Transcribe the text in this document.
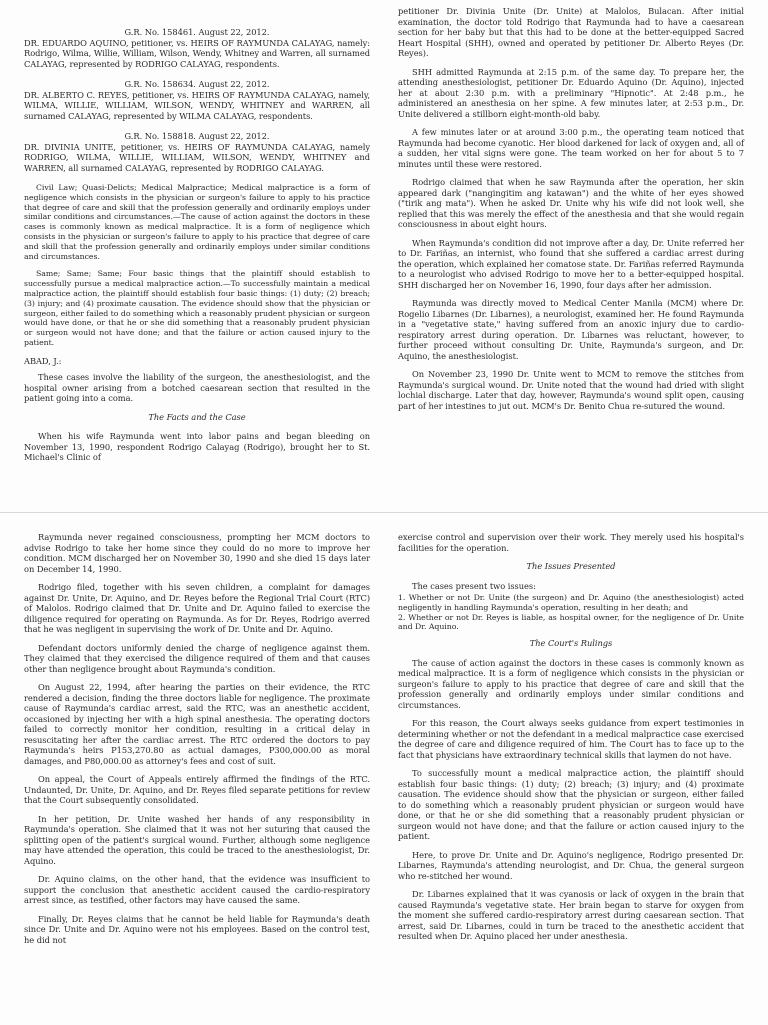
G.R. No. 158461. August 22, 2012.

DR. EDUARDO AQUINO, petitioner, vs. HEIRS OF RAYMUNDA CALAYAG, namely: Rodrigo, Wilma, Willie, William, Wilson, Wendy, Whitney and Warren, all surnamed CALAYAG, represented by RODRIGO CALAYAG, respondents.

G.R. No. 158634. August 22, 2012.

DR. ALBERTO C. REYES, petitioner, vs. HEIRS OF RAYMUNDA CALAYAG, namely, WILMA, WILLIE, WILLIAM, WILSON, WENDY, WHITNEY and WARREN, all surnamed CALAYAG, represented by WILMA CALAYAG, respondents.

G.R. No. 158818. August 22, 2012.

DR. DIVINIA UNITE, petitioner, vs. HEIRS OF RAYMUNDA CALAYAG, namely RODRIGO, WILMA, WILLIE, WILLIAM, WILSON, WENDY, WHITNEY and WARREN, all surnamed CALAYAG, represented by RODRIGO CALAYAG.

Civil Law; Quasi-Delicts; Medical Malpractice; Medical malpractice is a form of negligence which consists in the physician or surgeon's failure to apply to his practice that degree of care and skill that the profession generally and ordinarily employs under similar conditions and circumstances.—The cause of action against the doctors in these cases is commonly known as medical malpractice. It is a form of negligence which consists in the physician or surgeon's failure to apply to his practice that degree of care and skill that the profession generally and ordinarily employs under similar conditions and circumstances.

Same; Same; Same; Four basic things that the plaintiff should establish to successfully pursue a medical malpractice action.—To successfully maintain a medical malpractice action, the plaintiff should establish four basic things: (1) duty; (2) breach; (3) injury; and (4) proximate causation. The evidence should show that the physician or surgeon, either failed to do something which a reasonably prudent physician or surgeon would have done, or that he or she did something that a reasonably prudent physician or surgeon would not have done; and that the failure or action caused injury to the patient.

ABAD, J.:

These cases involve the liability of the surgeon, the anesthesiologist, and the hospital owner arising from a botched caesarean section that resulted in the patient going into a coma.

The Facts and the Case

When his wife Raymunda went into labor pains and began bleeding on November 13, 1990, respondent Rodrigo Calayag (Rodrigo), brought her to St. Michael's Clinic of

petitioner Dr. Divinia Unite (Dr. Unite) at Malolos, Bulacan. After initial examination, the doctor told Rodrigo that Raymunda had to have a caesarean section for her baby but that this had to be done at the better-equipped Sacred Heart Hospital (SHH), owned and operated by petitioner Dr. Alberto Reyes (Dr. Reyes).

SHH admitted Raymunda at 2:15 p.m. of the same day. To prepare her, the attending anesthesiologist, petitioner Dr. Eduardo Aquino (Dr. Aquino), injected her at about 2:30 p.m. with a preliminary "Hipnotic". At 2:48 p.m., he administered an anesthesia on her spine. A few minutes later, at 2:53 p.m., Dr. Unite delivered a stillborn eight-month-old baby.

A few minutes later or at around 3:00 p.m., the operating team noticed that Raymunda had become cyanotic. Her blood darkened for lack of oxygen and, all of a sudden, her vital signs were gone. The team worked on her for about 5 to 7 minutes until these were restored.

Rodrigo claimed that when he saw Raymunda after the operation, her skin appeared dark ("nangingitim ang katawan") and the white of her eyes showed ("tirik ang mata"). When he asked Dr. Unite why his wife did not look well, she replied that this was merely the effect of the anesthesia and that she would regain consciousness in about eight hours.

When Raymunda's condition did not improve after a day, Dr. Unite referred her to Dr. Fariñas, an internist, who found that she suffered a cardiac arrest during the operation, which explained her comatose state. Dr. Fariñas referred Raymunda to a neurologist who advised Rodrigo to move her to a better-equipped hospital. SHH discharged her on November 16, 1990, four days after her admission.

Raymunda was directly moved to Medical Center Manila (MCM) where Dr. Rogelio Libarnes (Dr. Libarnes), a neurologist, examined her. He found Raymunda in a "vegetative state," having suffered from an anoxic injury due to cardio-respiratory arrest during operation. Dr. Libarnes was reluctant, however, to further proceed without consulting Dr. Unite, Raymunda's surgeon, and Dr. Aquino, the anesthesiologist.

On November 23, 1990 Dr. Unite went to MCM to remove the stitches from Raymunda's surgical wound. Dr. Unite noted that the wound had dried with slight lochial discharge. Later that day, however, Raymunda's wound split open, causing part of her intestines to jut out. MCM's Dr. Benito Chua re-sutured the wound.

Raymunda never regained consciousness, prompting her MCM doctors to advise Rodrigo to take her home since they could do no more to improve her condition. MCM discharged her on November 30, 1990 and she died 15 days later on December 14, 1990.

Rodrigo filed, together with his seven children, a complaint for damages against Dr. Unite, Dr. Aquino, and Dr. Reyes before the Regional Trial Court (RTC) of Malolos. Rodrigo claimed that Dr. Unite and Dr. Aquino failed to exercise the diligence required for operating on Raymunda. As for Dr. Reyes, Rodrigo averred that he was negligent in supervising the work of Dr. Unite and Dr. Aquino.

Defendant doctors uniformly denied the charge of negligence against them. They claimed that they exercised the diligence required of them and that causes other than negligence brought about Raymunda's condition.

On August 22, 1994, after hearing the parties on their evidence, the RTC rendered a decision, finding the three doctors liable for negligence. The proximate cause of Raymunda's cardiac arrest, said the RTC, was an anesthetic accident, occasioned by injecting her with a high spinal anesthesia. The operating doctors failed to correctly monitor her condition, resulting in a critical delay in resuscitating her after the cardiac arrest. The RTC ordered the doctors to pay Raymunda's heirs P153,270.80 as actual damages, P300,000.00 as moral damages, and P80,000.00 as attorney's fees and cost of suit.

On appeal, the Court of Appeals entirely affirmed the findings of the RTC. Undaunted, Dr. Unite, Dr. Aquino, and Dr. Reyes filed separate petitions for review that the Court subsequently consolidated.

In her petition, Dr. Unite washed her hands of any responsibility in Raymunda's operation. She claimed that it was not her suturing that caused the splitting open of the patient's surgical wound. Further, although some negligence may have attended the operation, this could be traced to the anesthesiologist, Dr. Aquino.

Dr. Aquino claims, on the other hand, that the evidence was insufficient to support the conclusion that anesthetic accident caused the cardio-respiratory arrest since, as testified, other factors may have caused the same.

Finally, Dr. Reyes claims that he cannot be held liable for Raymunda's death since Dr. Unite and Dr. Aquino were not his employees. Based on the control test, he did not

exercise control and supervision over their work. They merely used his hospital's facilities for the operation.

The Issues Presented

The cases present two issues:

1. Whether or not Dr. Unite (the surgeon) and Dr. Aquino (the anesthesiologist) acted negligently in handling Raymunda's operation, resulting in her death; and

2. Whether or not Dr. Reyes is liable, as hospital owner, for the negligence of Dr. Unite and Dr. Aquino.

The Court's Rulings

The cause of action against the doctors in these cases is commonly known as medical malpractice. It is a form of negligence which consists in the physician or surgeon's failure to apply to his practice that degree of care and skill that the profession generally and ordinarily employs under similar conditions and circumstances.

For this reason, the Court always seeks guidance from expert testimonies in determining whether or not the defendant in a medical malpractice case exercised the degree of care and diligence required of him. The Court has to face up to the fact that physicians have extraordinary technical skills that laymen do not have.

To successfully mount a medical malpractice action, the plaintiff should establish four basic things: (1) duty; (2) breach; (3) injury; and (4) proximate causation. The evidence should show that the physician or surgeon, either failed to do something which a reasonably prudent physician or surgeon would have done, or that he or she did something that a reasonably prudent physician or surgeon would not have done; and that the failure or action caused injury to the patient.

Here, to prove Dr. Unite and Dr. Aquino's negligence, Rodrigo presented Dr. Libarnes, Raymunda's attending neurologist, and Dr. Chua, the general surgeon who re-stitched her wound.

Dr. Libarnes explained that it was cyanosis or lack of oxygen in the brain that caused Raymunda's vegetative state. Her brain began to starve for oxygen from the moment she suffered cardio-respiratory arrest during caesarean section. That arrest, said Dr. Libarnes, could in turn be traced to the anesthetic accident that resulted when Dr. Aquino placed her under anesthesia.
